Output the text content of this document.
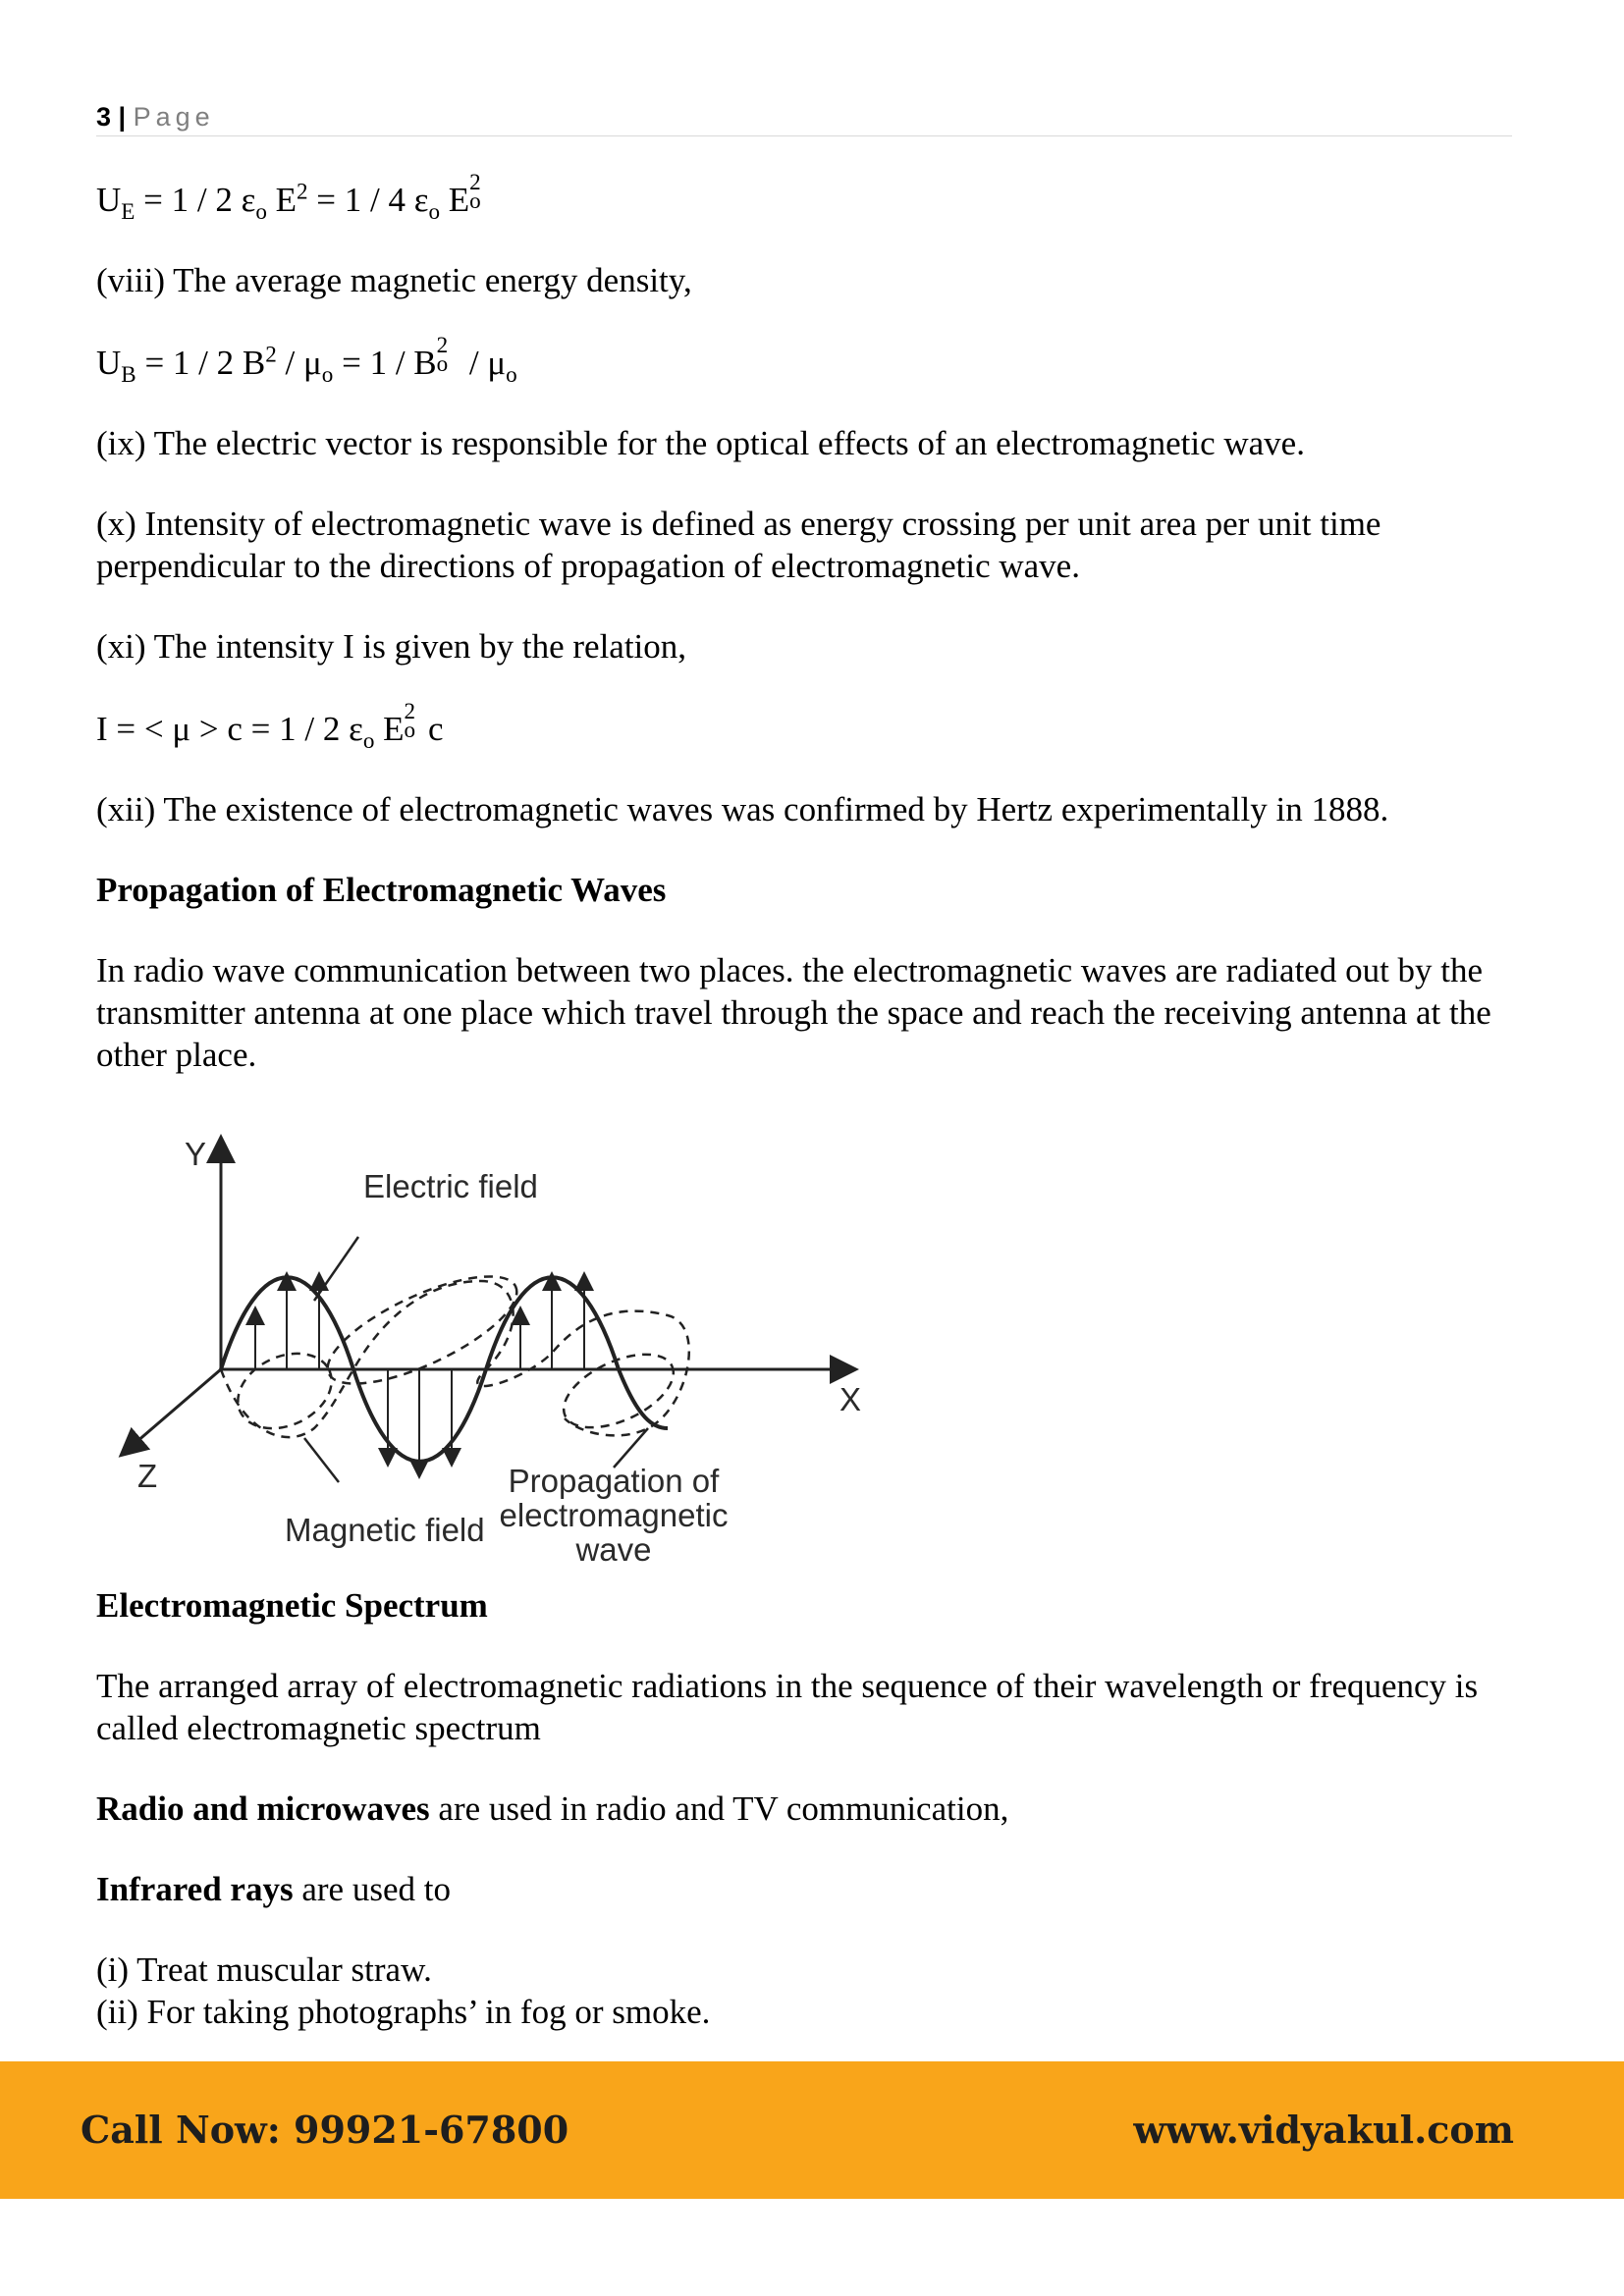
3 | Page

$U_E = 1 / 2$ $\varepsilon_o$ $E^2 = 1 / 4$ $\varepsilon_o$ E 2
o

(viii) The average magnetic energy density,

$U_B = 1 / 2$ $B^2 / \mu_o = 1 / B$ 2
o / $\mu_o$

(ix) The electric vector is responsible for the optical effects of an electromagnetic wave.

(x) Intensity of electromagnetic wave is defined as energy crossing per unit area per unit time perpendicular to the directions of propagation of electromagnetic wave.

(xi) The intensity I is given by the relation,

I = < μ > c = 1 / 2 $\varepsilon_o$ E 2
o c

(xii) The existence of electromagnetic waves was confirmed by Hertz experimentally in 1888.

Propagation of Electromagnetic Waves

In radio wave communication between two places. the electromagnetic waves are radiated out by the transmitter antenna at one place which travel through the space and reach the receiving antenna at the other place.

Electromagnetic Spectrum

The arranged array of electromagnetic radiations in the sequence of their wavelength or frequency is called electromagnetic spectrum

Radio and microwaves are used in radio and TV communication,

Infrared rays are used to

(i) Treat muscular straw.

(ii) For taking photographs’ in fog or smoke.

Y
X
Z
Electric field
Magnetic field
Propagation of
electromagnetic
wave
Call Now: 99921-67800	www.vidyakul.com
